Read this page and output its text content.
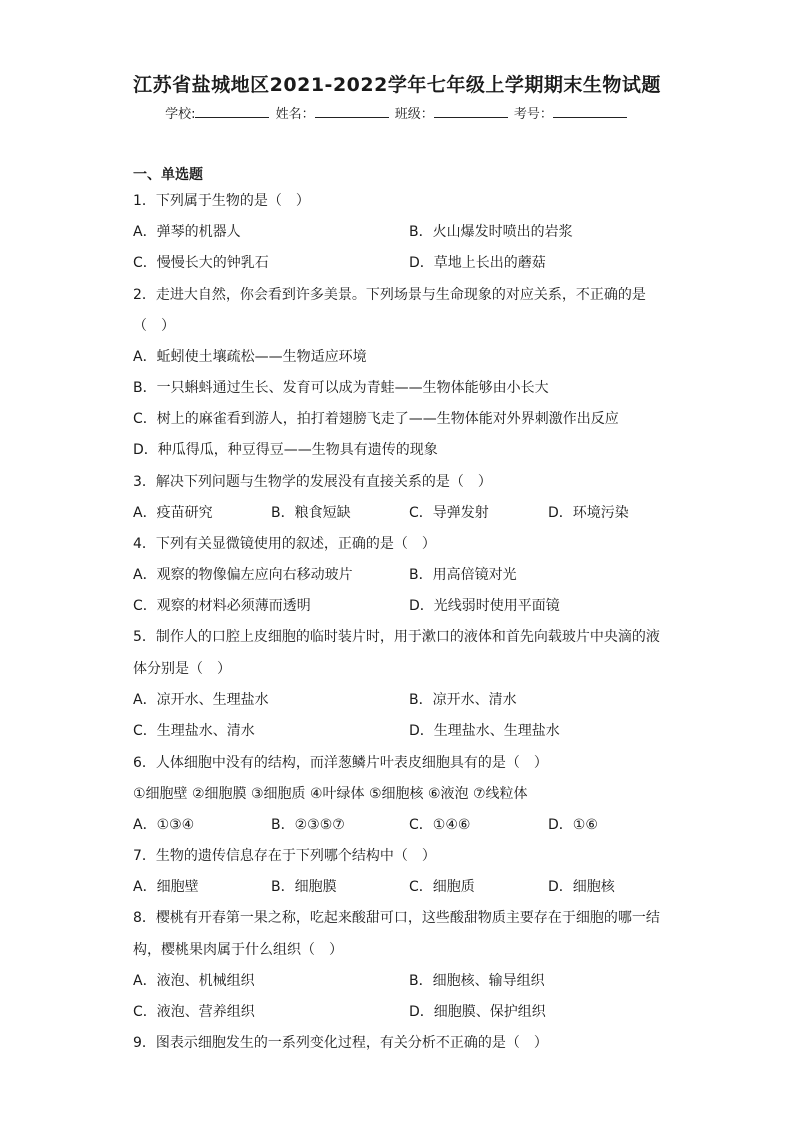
江苏省盐城地区2021-2022学年七年级上学期期末生物试题
学校:	姓名：	班级：	考号：
一、单选题
1．下列属于生物的是（　）
A．弹琴的机器人	B．火山爆发时喷出的岩浆
C．慢慢长大的钟乳石	D．草地上长出的蘑菇
2．走进大自然，你会看到许多美景。下列场景与生命现象的对应关系，不正确的是
（　）
A．蚯蚓使土壤疏松——生物适应环境
B．一只蝌蚪通过生长、发育可以成为青蛙——生物体能够由小长大
C．树上的麻雀看到游人，拍打着翅膀飞走了——生物体能对外界刺激作出反应
D．种瓜得瓜，种豆得豆——生物具有遗传的现象
3．解决下列问题与生物学的发展没有直接关系的是（　）
A．疫苗研究	B．粮食短缺	C．导弹发射	D．环境污染
4．下列有关显微镜使用的叙述，正确的是（　）
A．观察的物像偏左应向右移动玻片	B．用高倍镜对光
C．观察的材料必须薄而透明	D．光线弱时使用平面镜
5．制作人的口腔上皮细胞的临时装片时，用于漱口的液体和首先向载玻片中央滴的液
体分别是（　）
A．凉开水、生理盐水	B．凉开水、清水
C．生理盐水、清水	D．生理盐水、生理盐水
6．人体细胞中没有的结构，而洋葱鳞片叶表皮细胞具有的是（　）
①细胞壁 ②细胞膜 ③细胞质 ④叶绿体 ⑤细胞核 ⑥液泡 ⑦线粒体
A．①③④	B．②③⑤⑦	C．①④⑥	D．①⑥
7．生物的遗传信息存在于下列哪个结构中（　）
A．细胞壁	B．细胞膜	C．细胞质	D．细胞核
8．樱桃有开春第一果之称，吃起来酸甜可口，这些酸甜物质主要存在于细胞的哪一结
构，樱桃果肉属于什么组织（　）
A．液泡、机械组织	B．细胞核、输导组织
C．液泡、营养组织	D．细胞膜、保护组织
9．图表示细胞发生的一系列变化过程，有关分析不正确的是（　）
